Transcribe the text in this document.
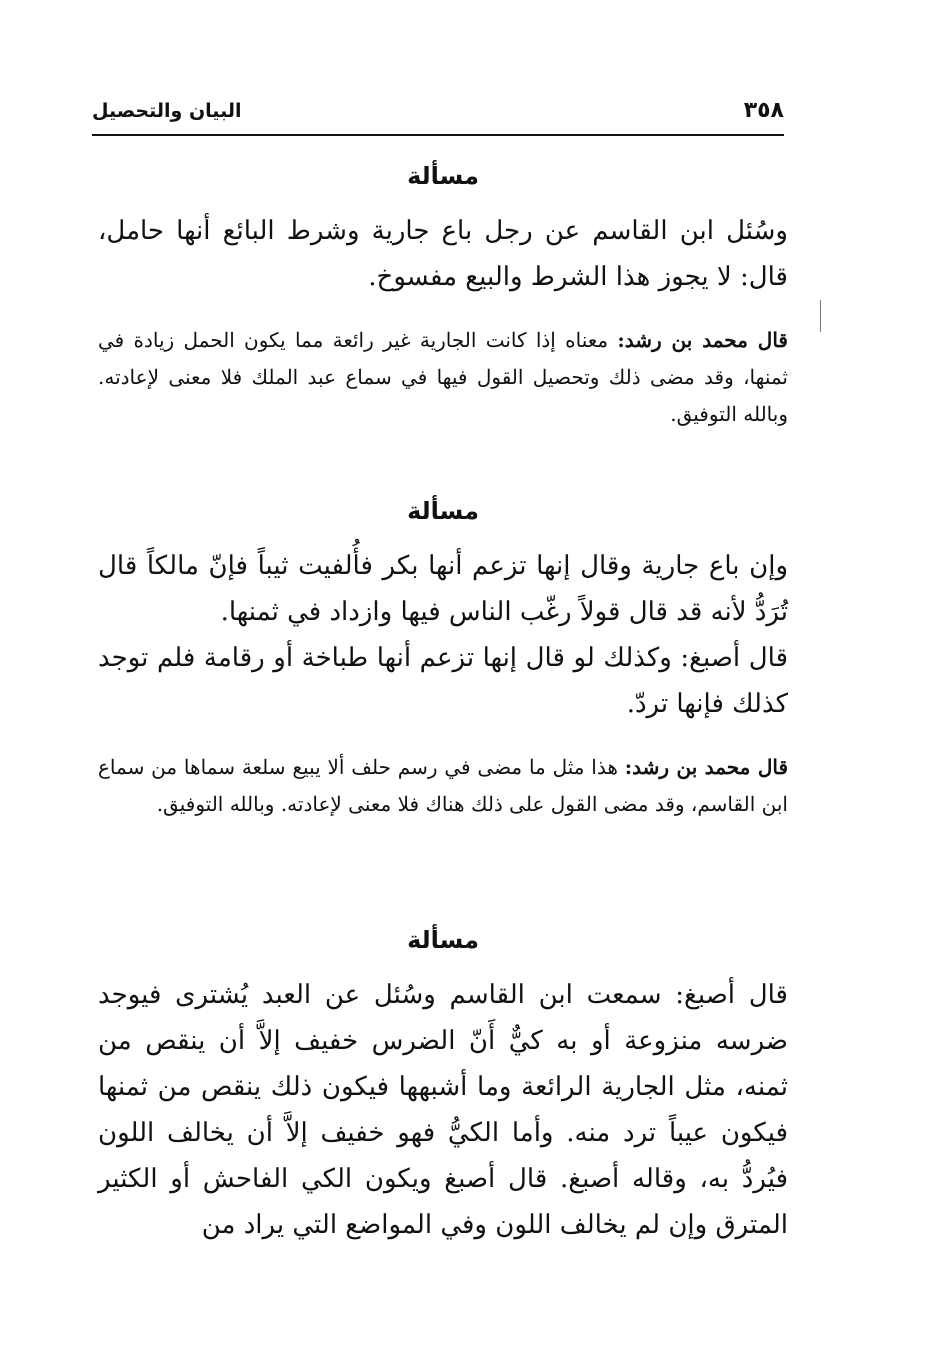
٣٥٨
البيان والتحصيل
مسألة

وسُئل ابن القاسم عن رجل باع جارية وشرط البائع أنها حامل، قال: لا يجوز هذا الشرط والبيع مفسوخ.

قال محمد بن رشد: معناه إذا كانت الجارية غير رائعة مما يكون الحمل زيادة في ثمنها، وقد مضى ذلك وتحصيل القول فيها في سماع عبد الملك فلا معنى لإعادته. وبالله التوفيق.

مسألة

وإن باع جارية وقال إنها تزعم أنها بكر فأُلفيت ثيباً فإنّ مالكاً قال تُرَدُّ لأنه قد قال قولاً رغّب الناس فيها وازداد في ثمنها.

قال أصبغ: وكذلك لو قال إنها تزعم أنها طباخة أو رقامة فلم توجد كذلك فإنها تردّ.

قال محمد بن رشد: هذا مثل ما مضى في رسم حلف ألا يبيع سلعة سماها من سماع ابن القاسم، وقد مضى القول على ذلك هناك فلا معنى لإعادته. وبالله التوفيق.

مسألة

قال أصبغ: سمعت ابن القاسم وسُئل عن العبد يُشترى فيوجد ضرسه منزوعة أو به كيٌّ أَنّ الضرس خفيف إلاَّ أن ينقص من ثمنه، مثل الجارية الرائعة وما أشبهها فيكون ذلك ينقص من ثمنها فيكون عيباً ترد منه. وأما الكيُّ فهو خفيف إلاَّ أن يخالف اللون فيُردُّ به، وقاله أصبغ. قال أصبغ ويكون الكي الفاحش أو الكثير المترق وإن لم يخالف اللون وفي المواضع التي يراد من
